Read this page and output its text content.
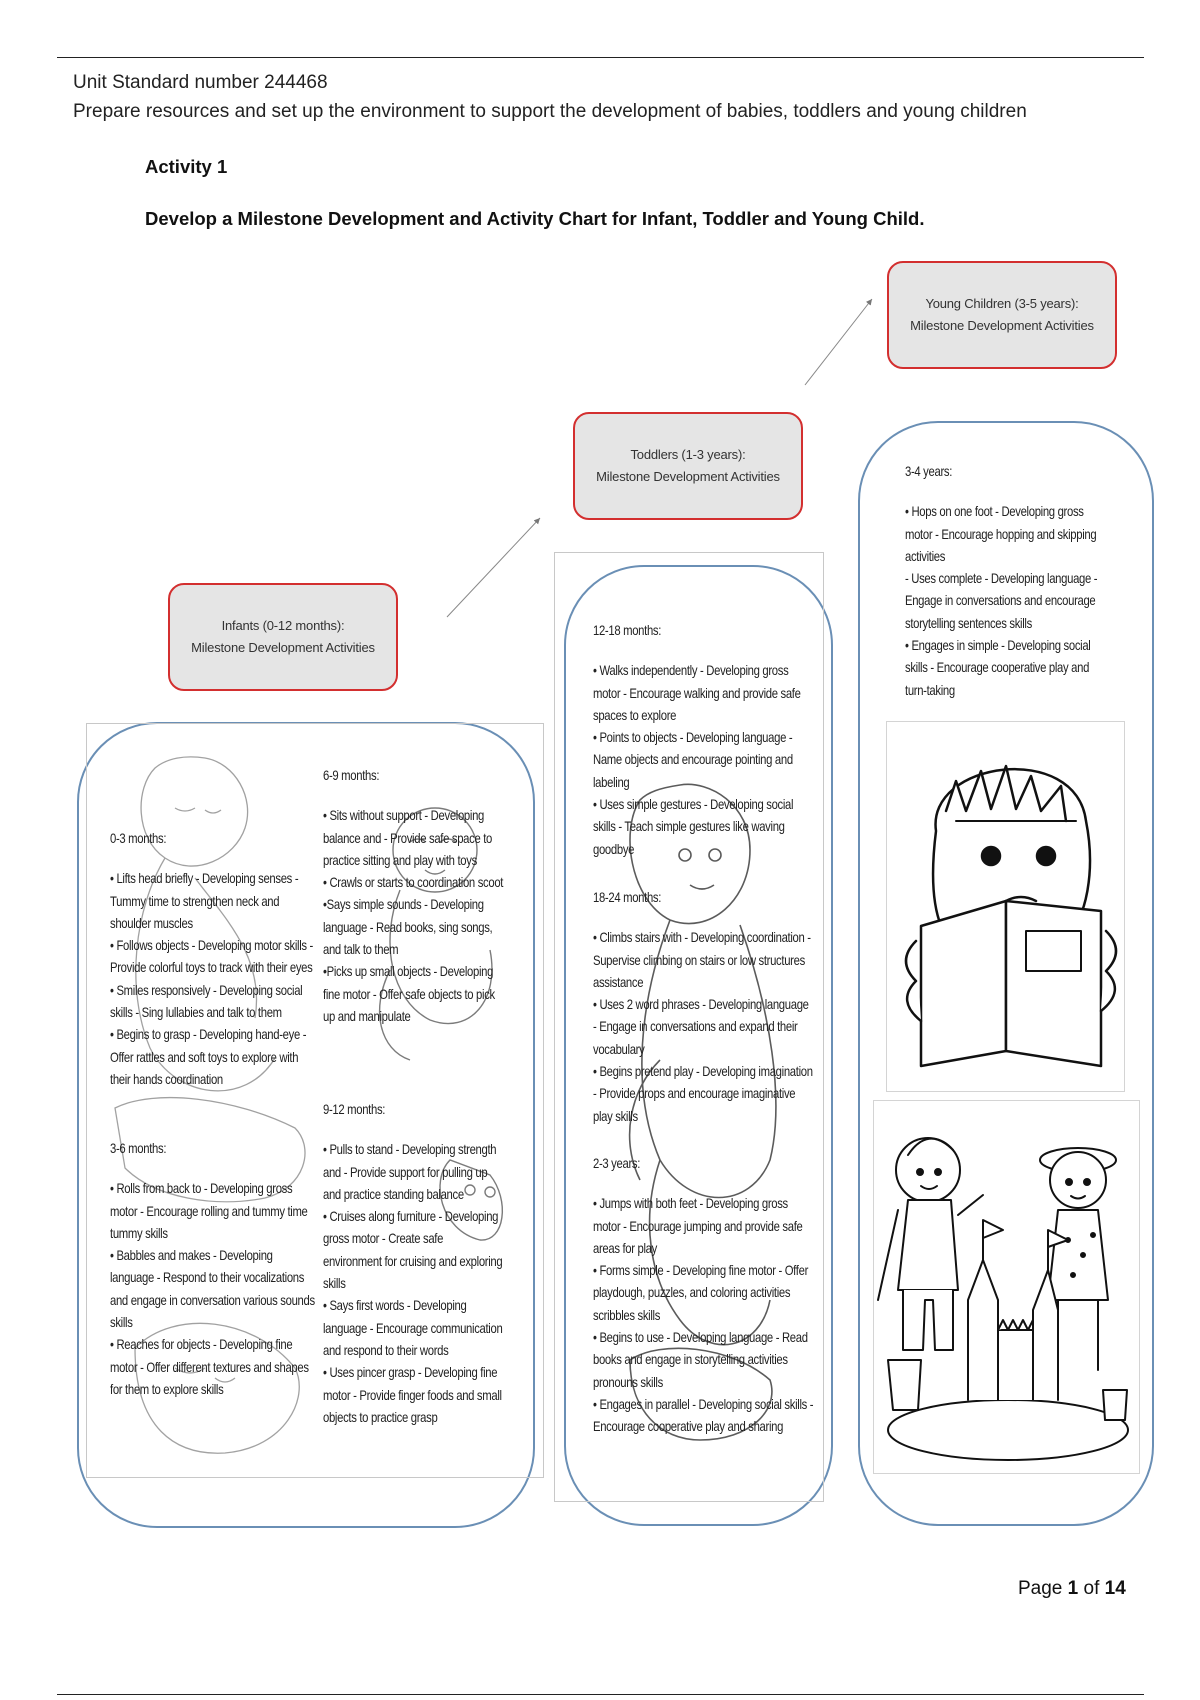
Unit Standard number 244468
Prepare resources and set up the environment to support the development of babies, toddlers and young children
Activity 1
Develop a Milestone Development and Activity Chart for Infant, Toddler and Young Child.
Infants (0-12 months):
Milestone Development Activities
Toddlers (1-3 years):
Milestone Development Activities
Young Children (3-5 years):
Milestone Development Activities

0-3 months:

• Lifts head briefly - Developing senses - Tummy time to strengthen neck and shoulder muscles

• Follows objects - Developing motor skills - Provide colorful toys to track with their eyes

• Smiles responsively - Developing social skills - Sing lullabies and talk to them

• Begins to grasp - Developing hand-eye - Offer rattles and soft toys to explore with their hands coordination

3-6 months:

• Rolls from back to - Developing gross motor - Encourage rolling and tummy time tummy skills

• Babbles and makes - Developing language - Respond to their vocalizations and engage in conversation various sounds skills

• Reaches for objects - Developing fine motor - Offer different textures and shapes for them to explore skills

6-9 months:

• Sits without support - Developing balance and - Provide safe space to practice sitting and play with toys

• Crawls or starts to coordination scoot

•Says simple sounds - Developing language - Read books, sing songs, and talk to them

•Picks up small objects - Developing fine motor - Offer safe objects to pick up and manipulate

9-12 months:

• Pulls to stand - Developing strength and - Provide support for pulling up and practice standing balance

• Cruises along furniture - Developing gross motor - Create safe environment for cruising and exploring skills

• Says first words - Developing language - Encourage communication and respond to their words

• Uses pincer grasp - Developing fine motor - Provide finger foods and small objects to practice grasp

12-18 months:

• Walks independently - Developing gross motor - Encourage walking and provide safe spaces to explore

• Points to objects - Developing language - Name objects and encourage pointing and labeling

• Uses simple gestures - Developing social skills - Teach simple gestures like waving goodbye

18-24 months:

• Climbs stairs with - Developing coordination - Supervise climbing on stairs or low structures assistance

• Uses 2 word phrases - Developing language - Engage in conversations and expand their vocabulary

• Begins pretend play - Developing imagination - Provide props and encourage imaginative play skills

2-3 years:

• Jumps with both feet - Developing gross motor - Encourage jumping and provide safe areas for play

• Forms simple - Developing fine motor - Offer playdough, puzzles, and coloring activities scribbles skills

• Begins to use - Developing language - Read books and engage in storytelling activities pronouns skills

• Engages in parallel - Developing social skills - Encourage cooperative play and sharing

3-4 years:

• Hops on one foot - Developing gross motor - Encourage hopping and skipping activities

- Uses complete - Developing language - Engage in conversations and encourage storytelling sentences skills

• Engages in simple - Developing social skills - Encourage cooperative play and turn-taking

Page 1 of 14
